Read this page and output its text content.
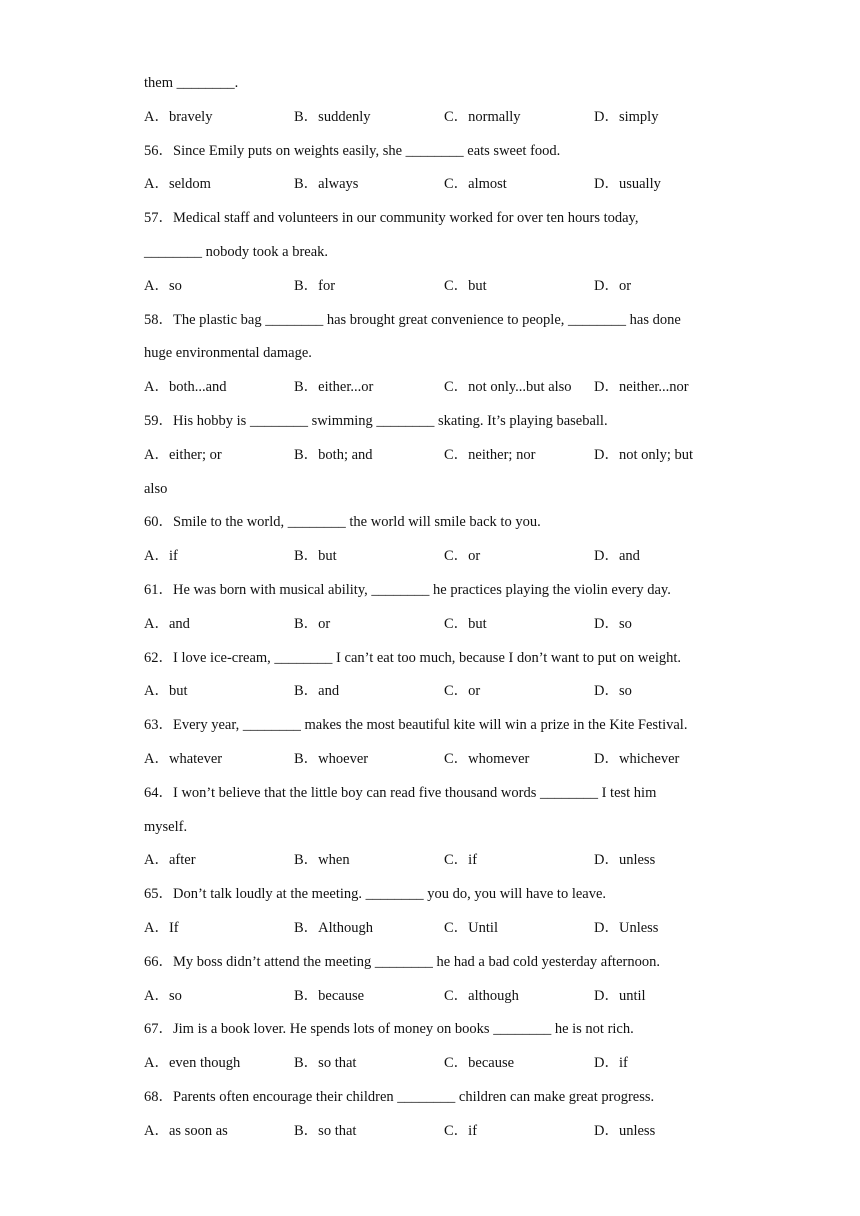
them ________.
A．bravely	B．suddenly	C．normally	D．simply
56．Since Emily puts on weights easily, she ________ eats sweet food.
A．seldom	B．always	C．almost	D．usually
57．Medical staff and volunteers in our community worked for over ten hours today,
________ nobody took a break.
A．so	B．for	C．but	D．or
58．The plastic bag ________ has brought great convenience to people, ________ has done
huge environmental damage.
A．both...and	B．either...or	C．not only...but also D．neither...nor
59．His hobby is ________ swimming ________ skating. It’s playing baseball.
A．either; or	B．both; and	C．neither; nor	D．not only; but
also
60．Smile to the world, ________ the world will smile back to you.
A．if	B．but	C．or	D．and
61．He was born with musical ability, ________ he practices playing the violin every day.
A．and	B．or	C．but	D．so
62．I love ice-cream, ________ I can’t eat too much, because I don’t want to put on weight.
A．but	B．and	C．or	D．so
63．Every year, ________ makes the most beautiful kite will win a prize in the Kite Festival.
A．whatever	B．whoever	C．whomever	D．whichever
64．I won’t believe that the little boy can read five thousand words ________ I test him
myself.
A．after	B．when	C．if	D．unless
65．Don’t talk loudly at the meeting. ________ you do, you will have to leave.
A．If	B．Although	C．Until	D．Unless
66．My boss didn’t attend the meeting ________ he had a bad cold yesterday afternoon.
A．so	B．because	C．although	D．until
67．Jim is a book lover. He spends lots of money on books ________ he is not rich.
A．even though	B．so that	C．because	D．if
68．Parents often encourage their children ________ children can make great progress.
A．as soon as	B．so that	C．if	D．unless
